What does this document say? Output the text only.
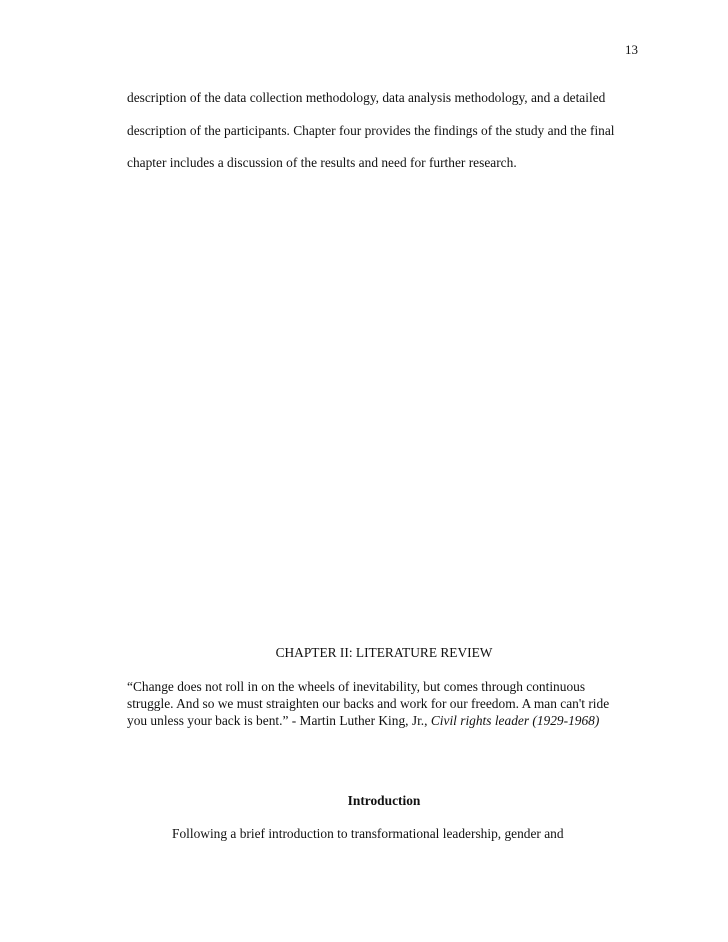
13
description of the data collection methodology, data analysis methodology, and a detailed
description of the participants. Chapter four provides the findings of the study and the final
chapter includes a discussion of the results and need for further research.
CHAPTER II: LITERATURE REVIEW
“Change does not roll in on the wheels of inevitability, but comes through continuous
struggle. And so we must straighten our backs and work for our freedom. A man can't ride
you unless your back is bent.” - Martin Luther King, Jr., Civil rights leader (1929-1968)
Introduction
Following a brief introduction to transformational leadership, gender and
